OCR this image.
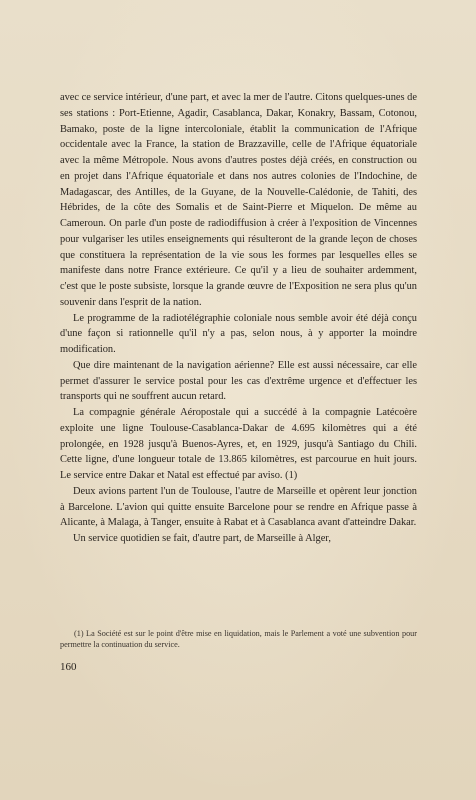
avec ce service intérieur, d'une part, et avec la mer de l'autre. Citons quelques-unes de ses stations : Port-Etienne, Agadir, Casablanca, Dakar, Konakry, Bassam, Cotonou, Bamako, poste de la ligne intercoloniale, établit la communication de l'Afrique occidentale avec la France, la station de Brazzaville, celle de l'Afrique équatoriale avec la même Métropole. Nous avons d'autres postes déjà créés, en construction ou en projet dans l'Afrique équatoriale et dans nos autres colonies de l'Indochine, de Madagascar, des Antilles, de la Guyane, de la Nouvelle-Calédonie, de Tahiti, des Hébrides, de la côte des Somalis et de Saint-Pierre et Miquelon. De même au Cameroun. On parle d'un poste de radiodiffusion à créer à l'exposition de Vincennes pour vulgariser les utiles enseignements qui résulteront de la grande leçon de choses que constituera la représentation de la vie sous les formes par lesquelles elles se manifeste dans notre France extérieure. Ce qu'il y a lieu de souhaiter ardemment, c'est que le poste subsiste, lorsque la grande œuvre de l'Exposition ne sera plus qu'un souvenir dans l'esprit de la nation.

Le programme de la radiotélégraphie coloniale nous semble avoir été déjà conçu d'une façon si rationnelle qu'il n'y a pas, selon nous, à y apporter la moindre modification.

Que dire maintenant de la navigation aérienne? Elle est aussi nécessaire, car elle permet d'assurer le service postal pour les cas d'extrême urgence et d'effectuer les transports qui ne souffrent aucun retard.

La compagnie générale Aéropostale qui a succédé à la compagnie Latécoère exploite une ligne Toulouse-Casablanca-Dakar de 4.695 kilomètres qui a été prolongée, en 1928 jusqu'à Buenos-Ayres, et, en 1929, jusqu'à Santiago du Chili. Cette ligne, d'une longueur totale de 13.865 kilomètres, est parcourue en huit jours. Le service entre Dakar et Natal est effectué par aviso. (1)

Deux avions partent l'un de Toulouse, l'autre de Marseille et opèrent leur jonction à Barcelone. L'avion qui quitte ensuite Barcelone pour se rendre en Afrique passe à Alicante, à Malaga, à Tanger, ensuite à Rabat et à Casablanca avant d'atteindre Dakar.

Un service quotidien se fait, d'autre part, de Marseille à Alger,

(1) La Société est sur le point d'être mise en liquidation, mais le Parlement a voté une subvention pour permettre la continuation du service.

160
